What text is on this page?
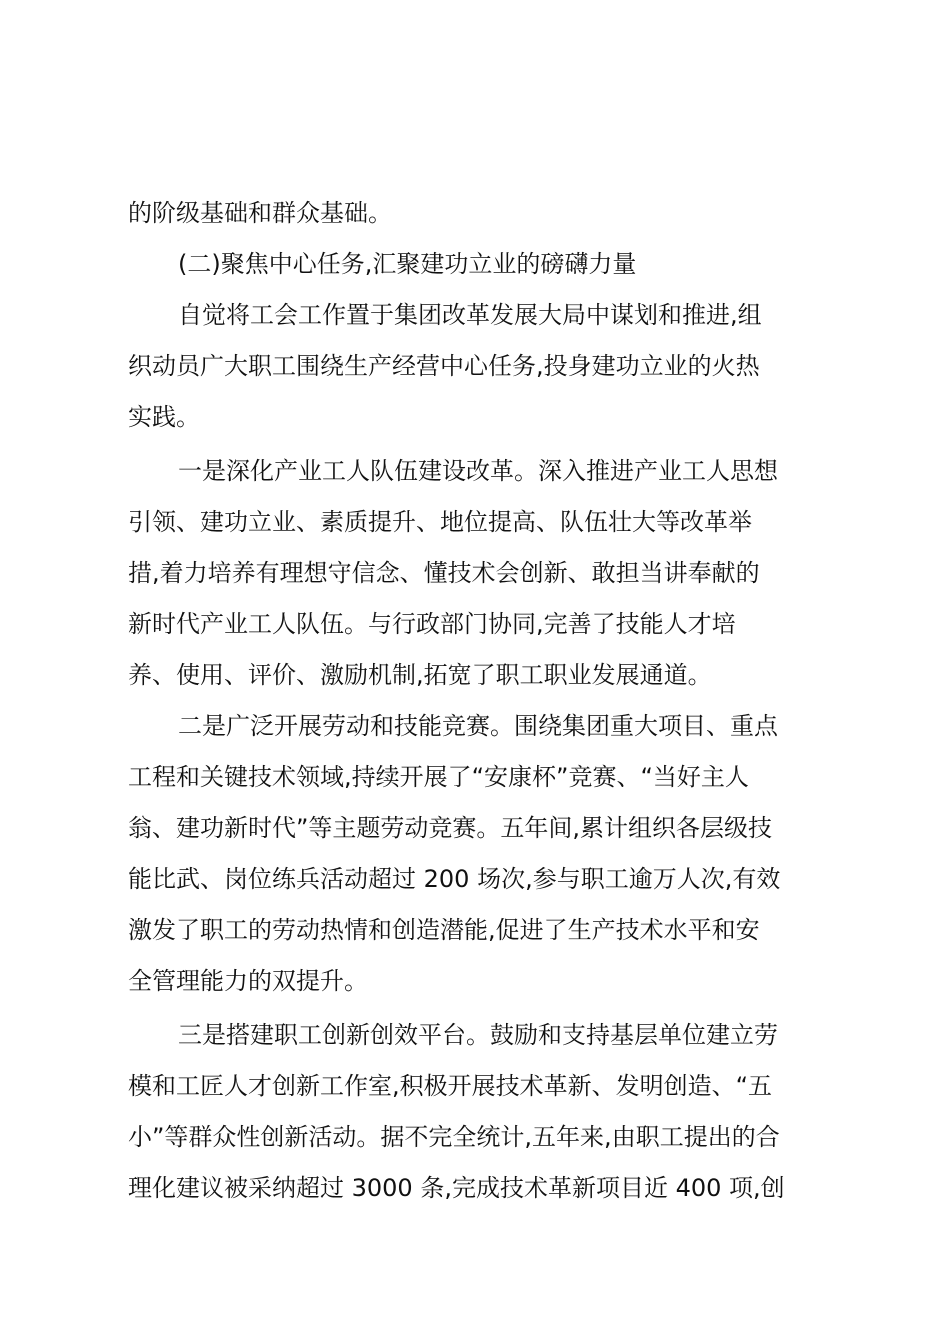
的阶级基础和群众基础。
(二)聚焦中心任务,汇聚建功立业的磅礴力量
自觉将工会工作置于集团改革发展大局中谋划和推进,组
织动员广大职工围绕生产经营中心任务,投身建功立业的火热
实践。
一是深化产业工人队伍建设改革。深入推进产业工人思想
引领、建功立业、素质提升、地位提高、队伍壮大等改革举
措,着力培养有理想守信念、懂技术会创新、敢担当讲奉献的
新时代产业工人队伍。与行政部门协同,完善了技能人才培
养、使用、评价、激励机制,拓宽了职工职业发展通道。
二是广泛开展劳动和技能竞赛。围绕集团重大项目、重点
工程和关键技术领域,持续开展了“安康杯”竞赛、“当好主人
翁、建功新时代”等主题劳动竞赛。五年间,累计组织各层级技
能比武、岗位练兵活动超过 200 场次,参与职工逾万人次,有效
激发了职工的劳动热情和创造潜能,促进了生产技术水平和安
全管理能力的双提升。
三是搭建职工创新创效平台。鼓励和支持基层单位建立劳
模和工匠人才创新工作室,积极开展技术革新、发明创造、“五
小”等群众性创新活动。据不完全统计,五年来,由职工提出的合
理化建议被采纳超过 3000 条,完成技术革新项目近 400 项,创
